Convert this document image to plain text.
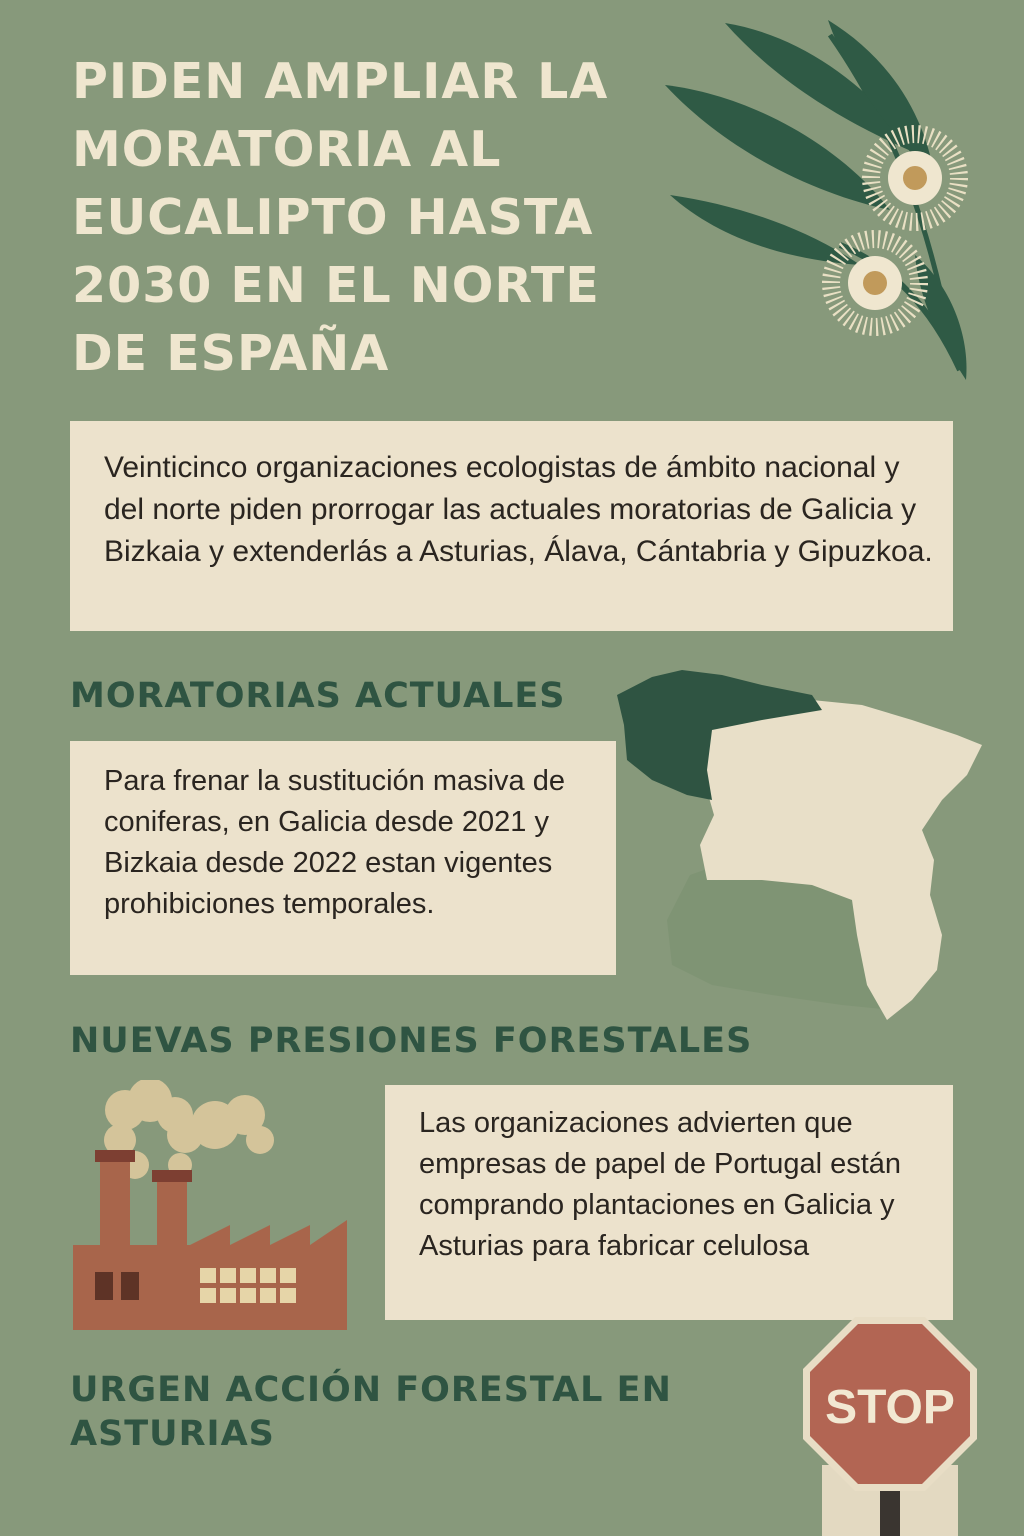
PIDEN AMPLIAR LA
MORATORIA AL
EUCALIPTO HASTA
2030 EN EL NORTE
DE ESPAÑA

Veinticinco organizaciones ecologistas de ámbito nacional y del norte piden prorrogar las actuales moratorias de Galicia y Bizkaia y extenderlás a Asturias, Álava, Cántabria y Gipuzkoa.

MORATORIAS ACTUALES

Para frenar la sustitución masiva de coniferas, en Galicia desde 2021 y Bizkaia desde 2022 estan vigentes prohibiciones temporales.

NUEVAS PRESIONES FORESTALES

Las organizaciones advierten que empresas de papel de Portugal están comprando plantaciones en Galicia y Asturias para fabricar celulosa

URGEN ACCIÓN FORESTAL EN ASTURIAS	STOP
